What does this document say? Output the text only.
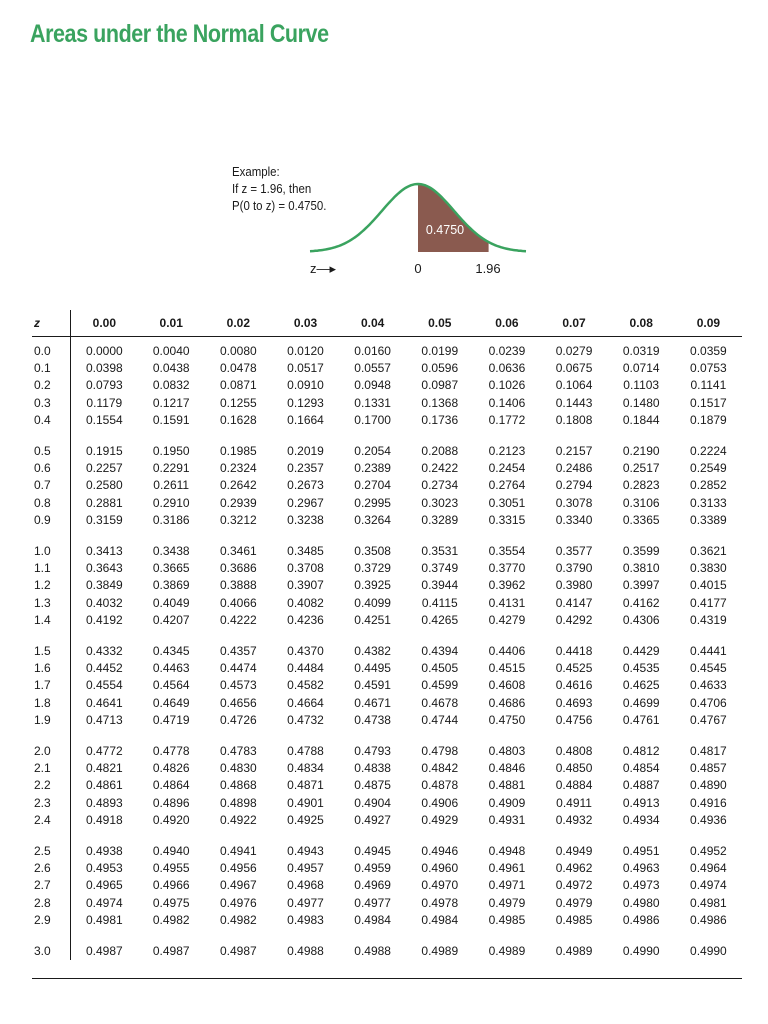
Areas under the Normal Curve
Example:
If z = 1.96, then
P(0 to z) = 0.4750.
0.4750
z—▸	0	1.96
z	0.00	0.01	0.02	0.03	0.04	0.05	0.06	0.07	0.08	0.09
0.0	0.0000	0.0040	0.0080	0.0120	0.0160	0.0199	0.0239	0.0279	0.0319	0.0359
0.1	0.0398	0.0438	0.0478	0.0517	0.0557	0.0596	0.0636	0.0675	0.0714	0.0753
0.2	0.0793	0.0832	0.0871	0.0910	0.0948	0.0987	0.1026	0.1064	0.1103	0.1141
0.3	0.1179	0.1217	0.1255	0.1293	0.1331	0.1368	0.1406	0.1443	0.1480	0.1517
0.4	0.1554	0.1591	0.1628	0.1664	0.1700	0.1736	0.1772	0.1808	0.1844	0.1879

0.5	0.1915	0.1950	0.1985	0.2019	0.2054	0.2088	0.2123	0.2157	0.2190	0.2224
0.6	0.2257	0.2291	0.2324	0.2357	0.2389	0.2422	0.2454	0.2486	0.2517	0.2549
0.7	0.2580	0.2611	0.2642	0.2673	0.2704	0.2734	0.2764	0.2794	0.2823	0.2852
0.8	0.2881	0.2910	0.2939	0.2967	0.2995	0.3023	0.3051	0.3078	0.3106	0.3133
0.9	0.3159	0.3186	0.3212	0.3238	0.3264	0.3289	0.3315	0.3340	0.3365	0.3389

1.0	0.3413	0.3438	0.3461	0.3485	0.3508	0.3531	0.3554	0.3577	0.3599	0.3621
1.1	0.3643	0.3665	0.3686	0.3708	0.3729	0.3749	0.3770	0.3790	0.3810	0.3830
1.2	0.3849	0.3869	0.3888	0.3907	0.3925	0.3944	0.3962	0.3980	0.3997	0.4015
1.3	0.4032	0.4049	0.4066	0.4082	0.4099	0.4115	0.4131	0.4147	0.4162	0.4177
1.4	0.4192	0.4207	0.4222	0.4236	0.4251	0.4265	0.4279	0.4292	0.4306	0.4319

1.5	0.4332	0.4345	0.4357	0.4370	0.4382	0.4394	0.4406	0.4418	0.4429	0.4441
1.6	0.4452	0.4463	0.4474	0.4484	0.4495	0.4505	0.4515	0.4525	0.4535	0.4545
1.7	0.4554	0.4564	0.4573	0.4582	0.4591	0.4599	0.4608	0.4616	0.4625	0.4633
1.8	0.4641	0.4649	0.4656	0.4664	0.4671	0.4678	0.4686	0.4693	0.4699	0.4706
1.9	0.4713	0.4719	0.4726	0.4732	0.4738	0.4744	0.4750	0.4756	0.4761	0.4767

2.0	0.4772	0.4778	0.4783	0.4788	0.4793	0.4798	0.4803	0.4808	0.4812	0.4817
2.1	0.4821	0.4826	0.4830	0.4834	0.4838	0.4842	0.4846	0.4850	0.4854	0.4857
2.2	0.4861	0.4864	0.4868	0.4871	0.4875	0.4878	0.4881	0.4884	0.4887	0.4890
2.3	0.4893	0.4896	0.4898	0.4901	0.4904	0.4906	0.4909	0.4911	0.4913	0.4916
2.4	0.4918	0.4920	0.4922	0.4925	0.4927	0.4929	0.4931	0.4932	0.4934	0.4936

2.5	0.4938	0.4940	0.4941	0.4943	0.4945	0.4946	0.4948	0.4949	0.4951	0.4952
2.6	0.4953	0.4955	0.4956	0.4957	0.4959	0.4960	0.4961	0.4962	0.4963	0.4964
2.7	0.4965	0.4966	0.4967	0.4968	0.4969	0.4970	0.4971	0.4972	0.4973	0.4974
2.8	0.4974	0.4975	0.4976	0.4977	0.4977	0.4978	0.4979	0.4979	0.4980	0.4981
2.9	0.4981	0.4982	0.4982	0.4983	0.4984	0.4984	0.4985	0.4985	0.4986	0.4986

3.0	0.4987	0.4987	0.4987	0.4988	0.4988	0.4989	0.4989	0.4989	0.4990	0.4990
